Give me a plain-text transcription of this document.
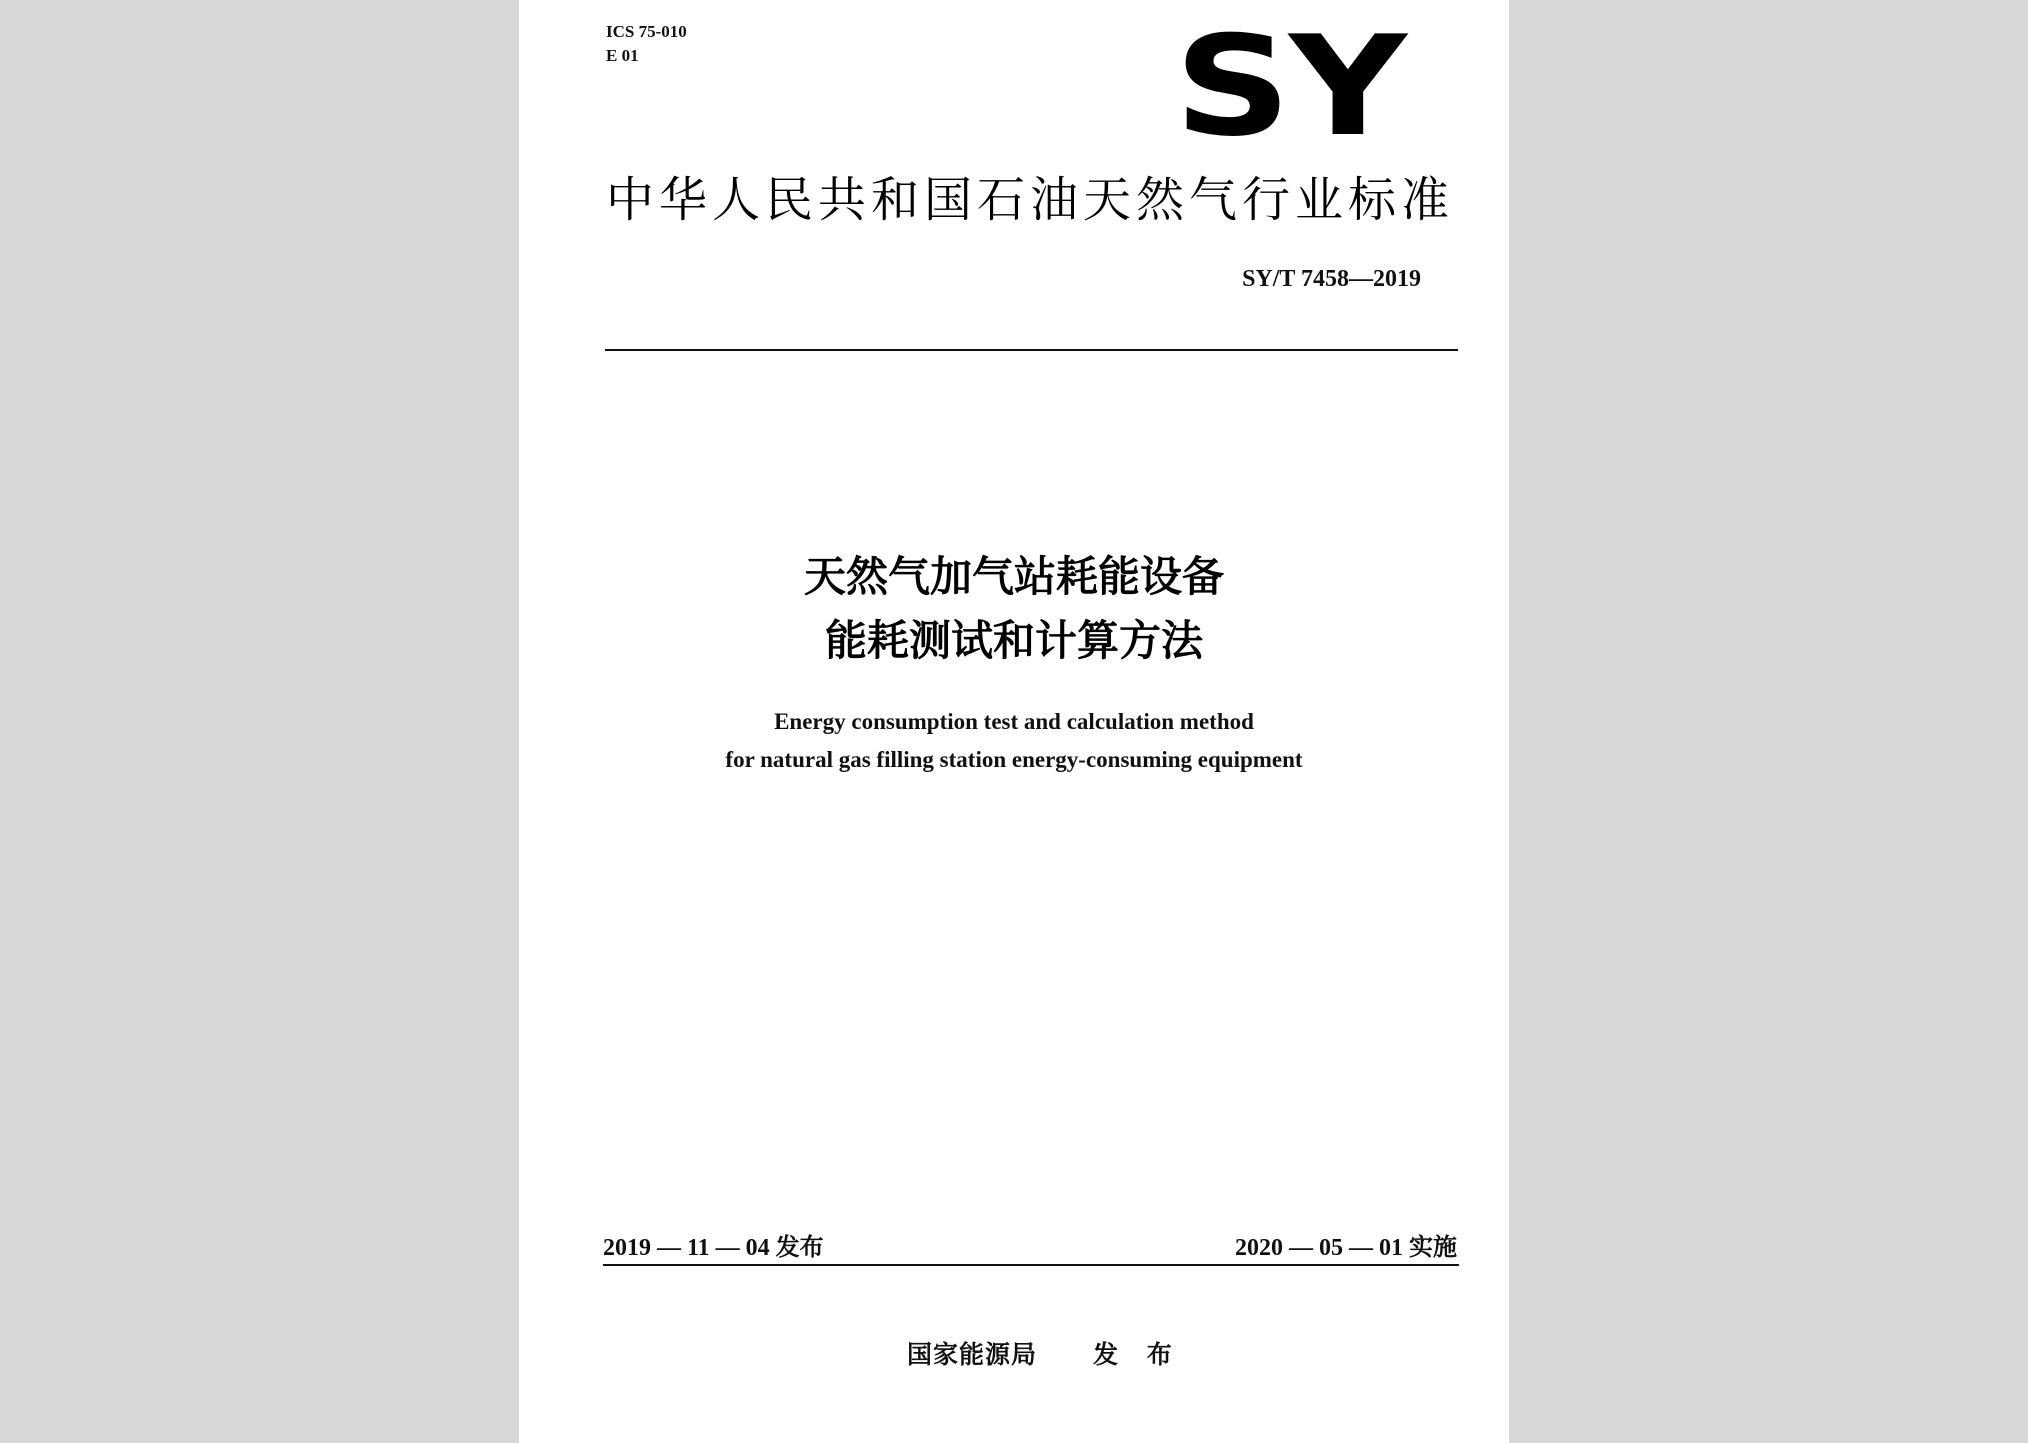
ICS 75-010
E 01	SY
中华人民共和国石油天然气行业标准
SY/T 7458—2019
天然气加气站耗能设备
能耗测试和计算方法
Energy consumption test and calculation method
for natural gas filling station energy-consuming equipment
2019 — 11 — 04 发布	2020 — 05 — 01 实施
国家能源局 发 布
